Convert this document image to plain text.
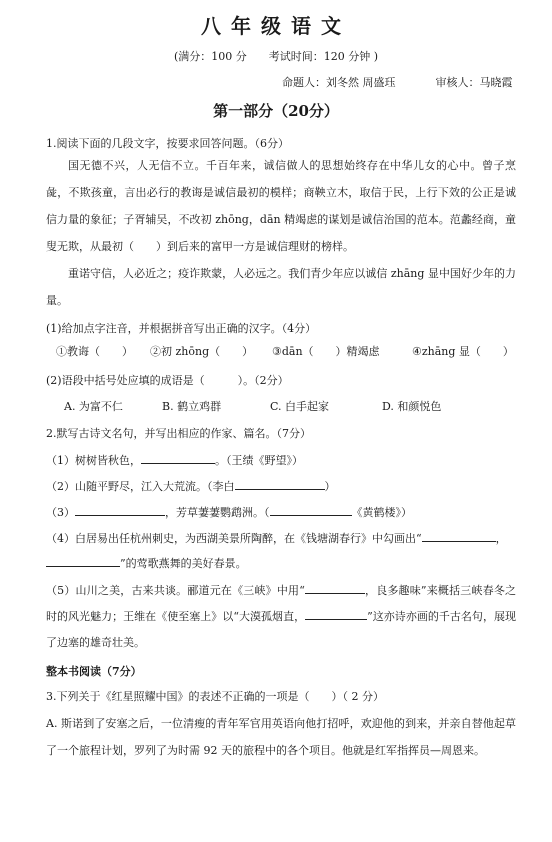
八年级语文
(满分：100 分　　考试时间：120 分钟 )
命题人：刘冬然 周盛珏	审核人：马晓霞
第一部分（20分）
1.阅读下面的几段文字，按要求回答问题。（6分）
国无德不兴，人无信不立。千百年来，诚信做人的思想始终存在中华儿女的心中。曾子烹彘，不欺孩童，言出必行的教诲是诚信最初的模样；商鞅立木，取信于民，上行下效的公正是诚信力量的象征；子胥辅吴，不改初 zhōng，dān 精竭虑的谋划是诚信治国的范本。范蠡经商，童叟无欺，从最初（　　）到后来的富甲一方是诚信理财的榜样。
重诺守信，人必近之；疫诈欺蒙，人必远之。我们青少年应以诚信 zhāng 显中国好少年的力量。
(1)给加点字注音，并根据拼音写出正确的汉字。（4分）
①教诲（　　） ②初 zhōng（　　） ③dān（　　）精竭虑	④zhāng 显（　　）
(2)语段中括号处应填的成语是（　　　）。（2分）
A. 为富不仁	B. 鹤立鸡群	C. 白手起家	D. 和颜悦色
2.默写古诗文名句，并写出相应的作家、篇名。（7分）
（1）树树皆秋色，	。（王绩《野望》）
（2）山随平野尽，江入大荒流。（李白	）
（3）	，芳草萋萋鹦鹉洲。（	《黄鹤楼》）
（4）白居易出任杭州刺史，为西湖美景所陶醉，在《钱塘湖春行》中勾画出“	，
”的莺歌燕舞的美好春景。
（5）山川之美，古来共谈。郦道元在《三峡》中用“	，良多趣味”来概括三峡春冬之时的风光魅力；王维在《使至塞上》以“大漠孤烟直，	”这亦诗亦画的千古名句，展现了边塞的雄奇壮美。
整本书阅读（7分）
3.下列关于《红星照耀中国》的表述不正确的一项是（　　）（ 2 分）
A. 斯诺到了安塞之后，一位清瘦的青年军官用英语向他打招呼，欢迎他的到来，并亲自替他起草了一个旅程计划，罗列了为时需 92 天的旅程中的各个项目。他就是红军指挥员—周恩来。
